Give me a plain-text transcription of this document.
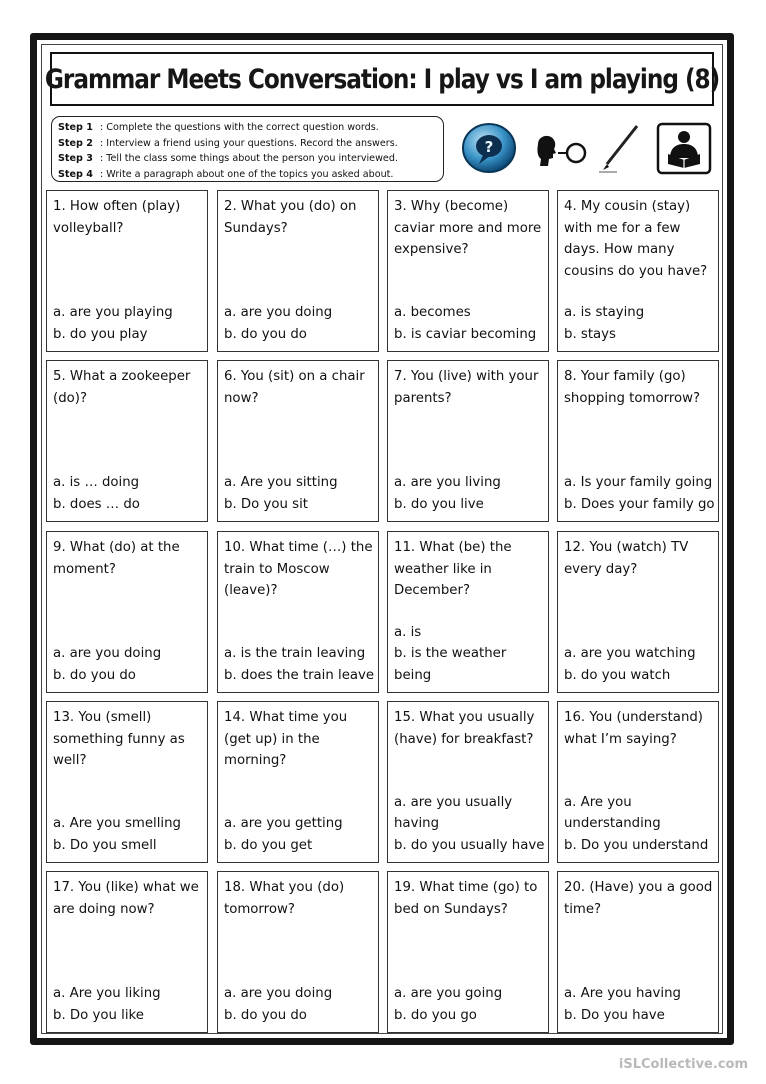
Grammar Meets Conversation: I play vs I am playing (8)
Step 1 : Complete the questions with the correct question words.
Step 2 : Interview a friend using your questions. Record the answers.
Step 3 : Tell the class some things about the person you interviewed.
Step 4 : Write a paragraph about one of the topics you asked about.
?
1. How often (play) volleyball?
a. are you playing
b. do you play
2. What you (do) on Sundays?
a. are you doing
b. do you do
3. Why (become) caviar more and more expensive?
a. becomes
b. is caviar becoming
4. My cousin (stay) with me for a few days. How many cousins do you have?
a. is staying
b. stays
5. What a zookeeper (do)?
a. is … doing
b. does … do
6. You (sit) on a chair now?
a. Are you sitting
b. Do you sit
7. You (live) with your parents?
a. are you living
b. do you live
8. Your family (go) shopping tomorrow?
a. Is your family going
b. Does your family go
9. What (do) at the moment?
a. are you doing
b. do you do
10. What time (…) the train to Moscow (leave)?
a. is the train leaving
b. does the train leave
11. What (be) the weather like in December?
a. is
b. is the weather being
12. You (watch) TV every day?
a. are you watching
b. do you watch
13. You (smell) something funny as well?
a. Are you smelling
b. Do you smell
14. What time you (get up) in the morning?
a. are you getting
b. do you get
15. What you usually (have) for breakfast?
a. are you usually having
b. do you usually have
16. You (understand) what I’m saying?
a. Are you understanding
b. Do you understand
17. You (like) what we are doing now?
a. Are you liking
b. Do you like
18. What you (do) tomorrow?
a. are you doing
b. do you do
19. What time (go) to bed on Sundays?
a. are you going
b. do you go
20. (Have) you a good time?
a. Are you having
b. Do you have
iSLCollective.com
